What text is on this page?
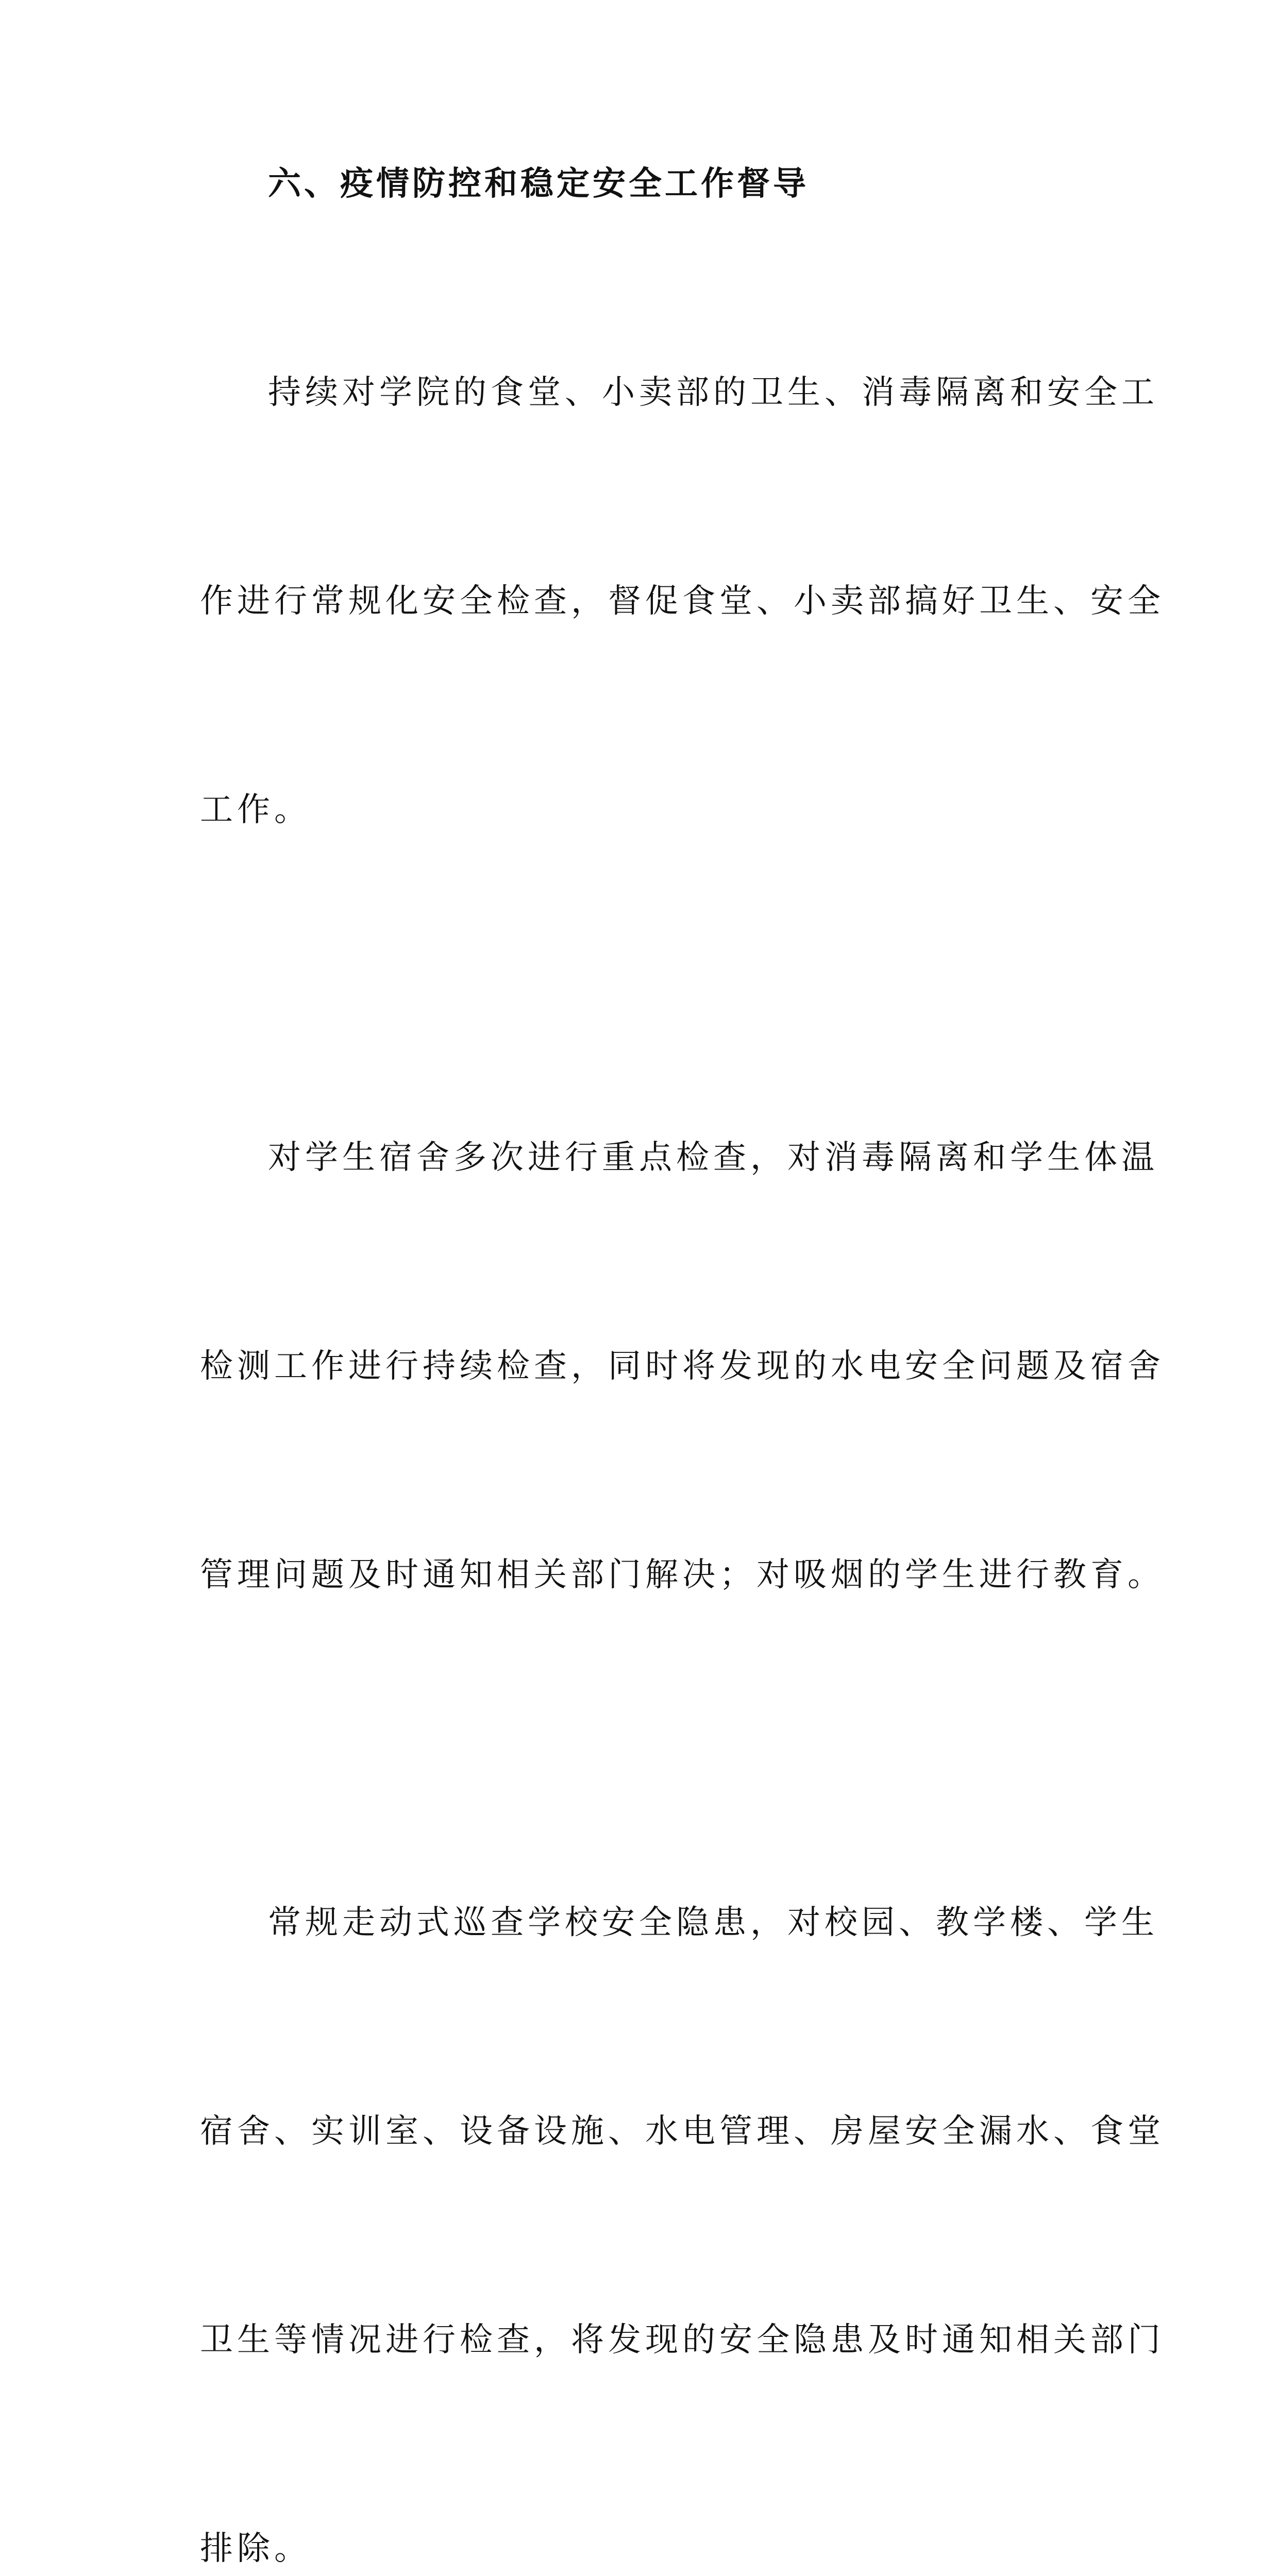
六、疫情防控和稳定安全工作督导

持续对学院的食堂、小卖部的卫生、消毒隔离和安全工

作进行常规化安全检查，督促食堂、小卖部搞好卫生、安全

工作。

对学生宿舍多次进行重点检查，对消毒隔离和学生体温

检测工作进行持续检查，同时将发现的水电安全问题及宿舍

管理问题及时通知相关部门解决；对吸烟的学生进行教育。

常规走动式巡查学校安全隐患，对校园、教学楼、学生

宿舍、实训室、设备设施、水电管理、房屋安全漏水、食堂

卫生等情况进行检查，将发现的安全隐患及时通知相关部门

排除。
